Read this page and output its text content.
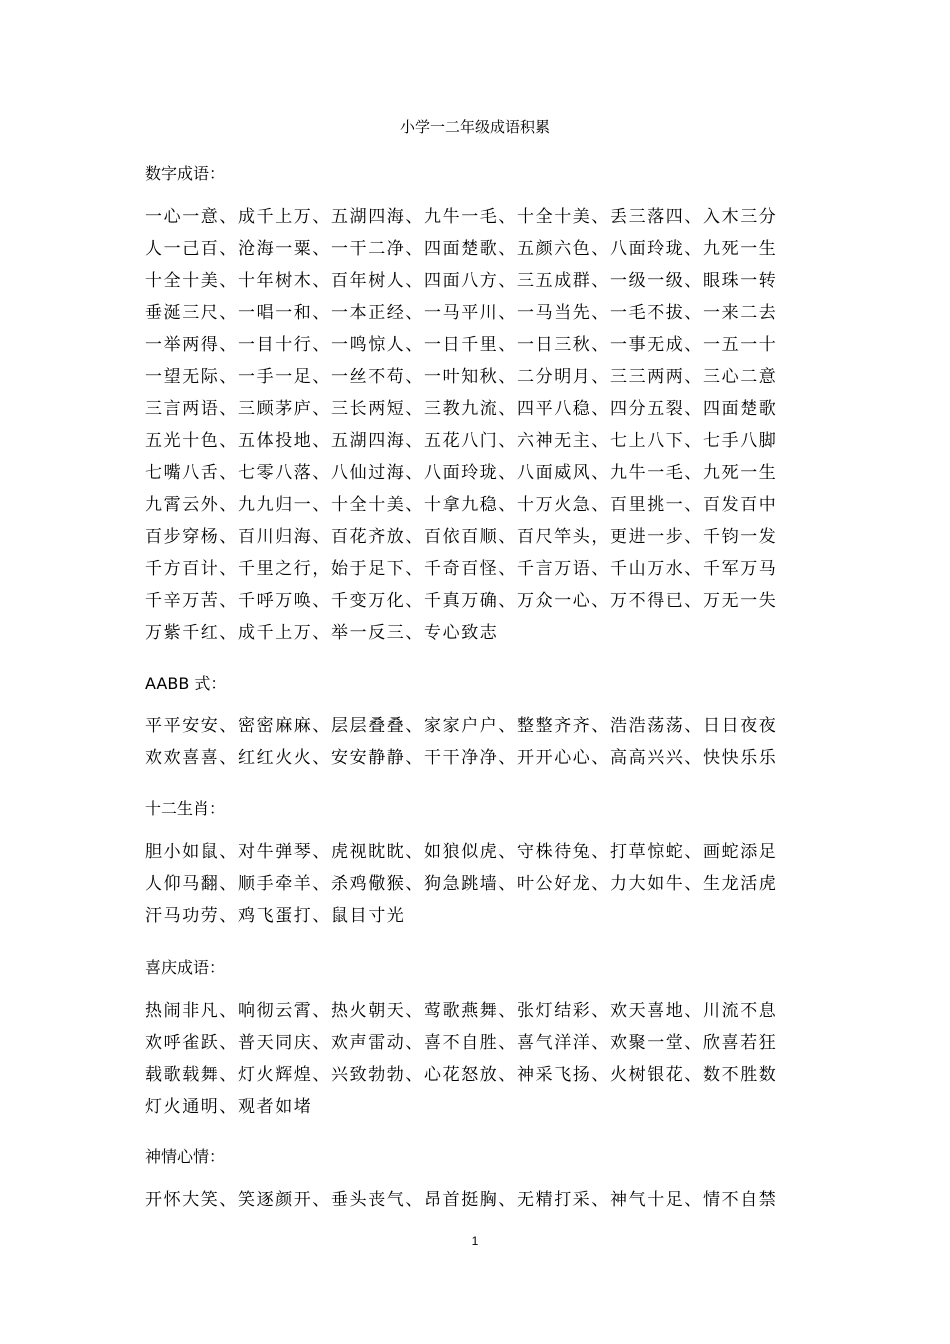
小学一二年级成语积累
数字成语：
一心一意、成千上万、五湖四海、九牛一毛、十全十美、丢三落四、入木三分
人一己百、沧海一粟、一干二净、四面楚歌、五颜六色、八面玲珑、九死一生
十全十美、十年树木、百年树人、四面八方、三五成群、一级一级、眼珠一转
垂涎三尺、一唱一和、一本正经、一马平川、一马当先、一毛不拔、一来二去
一举两得、一目十行、一鸣惊人、一日千里、一日三秋、一事无成、一五一十
一望无际、一手一足、一丝不苟、一叶知秋、二分明月、三三两两、三心二意
三言两语、三顾茅庐、三长两短、三教九流、四平八稳、四分五裂、四面楚歌
五光十色、五体投地、五湖四海、五花八门、六神无主、七上八下、七手八脚
七嘴八舌、七零八落、八仙过海、八面玲珑、八面威风、九牛一毛、九死一生
九霄云外、九九归一、十全十美、十拿九稳、十万火急、百里挑一、百发百中
百步穿杨、百川归海、百花齐放、百依百顺、百尺竿头，更进一步、千钧一发
千方百计、千里之行，始于足下、千奇百怪、千言万语、千山万水、千军万马
千辛万苦、千呼万唤、千变万化、千真万确、万众一心、万不得已、万无一失
万紫千红、成千上万、举一反三、专心致志
AABB 式：
平平安安、密密麻麻、层层叠叠、家家户户、整整齐齐、浩浩荡荡、日日夜夜
欢欢喜喜、红红火火、安安静静、干干净净、开开心心、高高兴兴、快快乐乐
十二生肖：
胆小如鼠、对牛弹琴、虎视眈眈、如狼似虎、守株待兔、打草惊蛇、画蛇添足
人仰马翻、顺手牵羊、杀鸡儆猴、狗急跳墙、叶公好龙、力大如牛、生龙活虎
汗马功劳、鸡飞蛋打、鼠目寸光
喜庆成语：
热闹非凡、响彻云霄、热火朝天、莺歌燕舞、张灯结彩、欢天喜地、川流不息
欢呼雀跃、普天同庆、欢声雷动、喜不自胜、喜气洋洋、欢聚一堂、欣喜若狂
载歌载舞、灯火辉煌、兴致勃勃、心花怒放、神采飞扬、火树银花、数不胜数
灯火通明、观者如堵
神情心情：
开怀大笑、笑逐颜开、垂头丧气、昂首挺胸、无精打采、神气十足、情不自禁
1
